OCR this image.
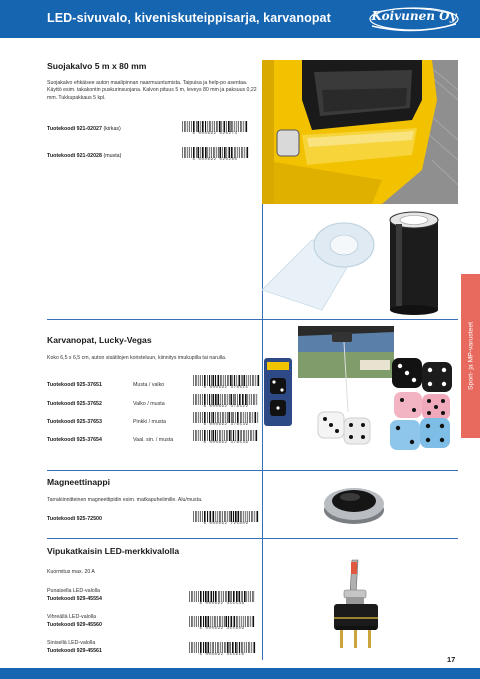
LED-sivuvalo, kiveniskuteippisarja, karvanopat	Koivunen Oy
Suojakalvo 5 m x 80 mm
Suojakalvo ehkäisee auton maalipinnan naarmuuntumista. Taipuisa ja help-po asentaa. Käyttö esim. takakontin puskurinsuojana. Kalvon pituus 5 m, leveys 80 mm ja paksuus 0,22 mm. Tukkupakkaus 5 kpl.
Tuotekoodi 921-02027 (kirkas)
6 000692 020273
Tuotekoodi 921-02028 (musta)
6 000692 020280
Karvanopat, Lucky-Vegas
Koko 6,5 x 6,5 cm, auton sisätilojen koristeluun, kiinnitys imukupilla tai narulla.
Tuotekoodi 925-37651	Musta / valko	6 000692 376515
Tuotekoodi 925-37652	Valko / musta	6 000692 376522
Tuotekoodi 925-37653	Pinkki / musta	6 000692 376539
Tuotekoodi 925-37654	Vaal. sin. / musta	6 000692 376546
Magneettinappi
Tarrakiinnitteinen magneettipidin esim. matkapuhelimille. Alu/musta.
Tuotekoodi 925-72500
6 000692 725009
Vipukatkaisin LED-merkkivalolla
Kuormitus max. 20 A
Punaisella LED-valolla
Tuotekoodi 929-45554
6 000692 455548
Vihreällä LED-valolla
Tuotekoodi 929-45560
6 000692 455609
Sinisellä LED-valolla
Tuotekoodi 929-45561
6 000692 455616
Sport- ja MP-varusteet
17
